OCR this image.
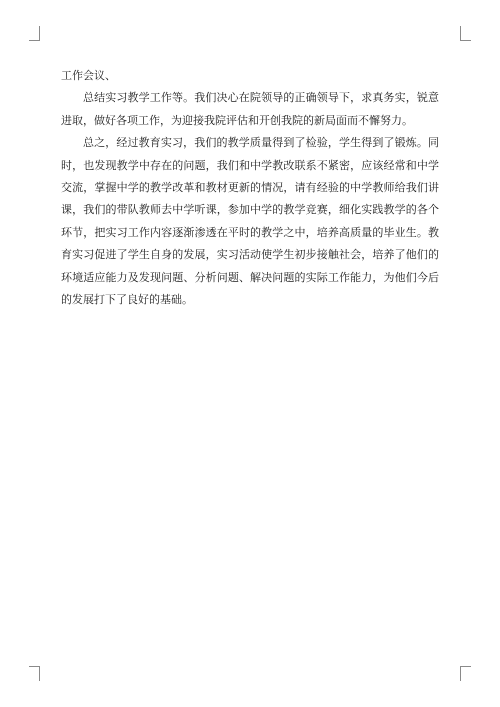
工作会议、

总结实习教学工作等。我们决心在院领导的正确领导下，求真务实，锐意进取，做好各项工作，为迎接我院评估和开创我院的新局面而不懈努力。

总之，经过教育实习，我们的教学质量得到了检验，学生得到了锻炼。同时，也发现教学中存在的问题，我们和中学教改联系不紧密，应该经常和中学交流，掌握中学的教学改革和教材更新的情况，请有经验的中学教师给我们讲课，我们的带队教师去中学听课，参加中学的教学竞赛，细化实践教学的各个环节，把实习工作内容逐渐渗透在平时的教学之中，培养高质量的毕业生。教育实习促进了学生自身的发展，实习活动使学生初步接触社会，培养了他们的环境适应能力及发现问题、分析问题、解决问题的实际工作能力，为他们今后的发展打下了良好的基础。
